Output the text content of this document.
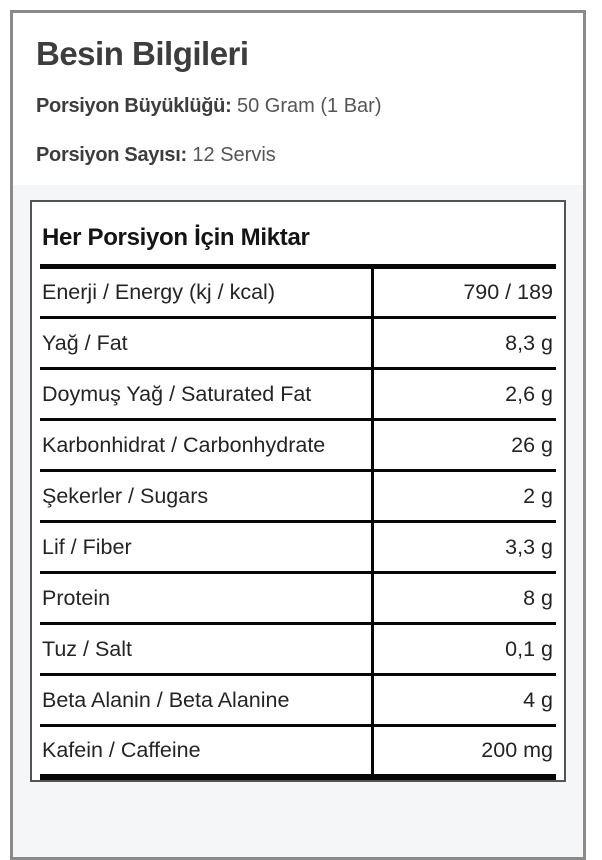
Besin Bilgileri
Porsiyon Büyüklüğü: 50 Gram (1 Bar)
Porsiyon Sayısı: 12 Servis
Her Porsiyon İçin Miktar
Enerji / Energy (kj / kcal)	790 / 189
Yağ / Fat	8,3 g
Doymuş Yağ / Saturated Fat	2,6 g
Karbonhidrat / Carbonhydrate	26 g
Şekerler / Sugars	2 g
Lif / Fiber	3,3 g
Protein	8 g
Tuz / Salt	0,1 g
Beta Alanin / Beta Alanine	4 g
Kafein / Caffeine	200 mg
